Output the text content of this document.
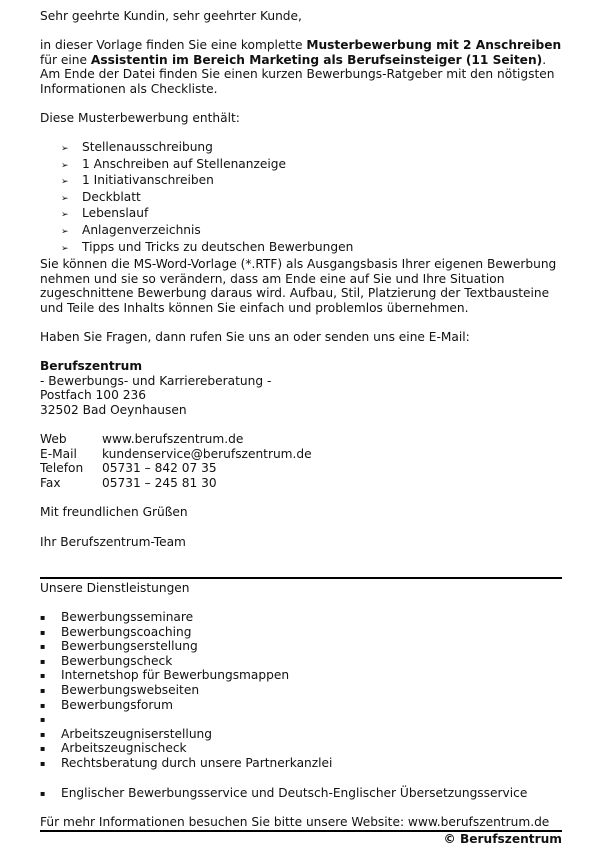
Sehr geehrte Kundin, sehr geehrter Kunde,

in dieser Vorlage finden Sie eine komplette Musterbewerbung mit 2 Anschreiben für eine Assistentin im Bereich Marketing als Berufseinsteiger (11 Seiten). Am Ende der Datei finden Sie einen kurzen Bewerbungs-Ratgeber mit den nötigsten Informationen als Checkliste.

Diese Musterbewerbung enthält:

➢ Stellenausschreibung
➢ 1 Anschreiben auf Stellenanzeige
➢ 1 Initiativanschreiben
➢ Deckblatt
➢ Lebenslauf
➢ Anlagenverzeichnis
➢ Tipps und Tricks zu deutschen Bewerbungen

Sie können die MS-Word-Vorlage (*.RTF) als Ausgangsbasis Ihrer eigenen Bewerbung nehmen und sie so verändern, dass am Ende eine auf Sie und Ihre Situation zugeschnittene Bewerbung daraus wird. Aufbau, Stil, Platzierung der Textbausteine und Teile des Inhalts können Sie einfach und problemlos übernehmen.

Haben Sie Fragen, dann rufen Sie uns an oder senden uns eine E-Mail:

Berufszentrum

- Bewerbungs- und Karriereberatung -

Postfach 100 236

32502 Bad Oeynhausen

Web	www.berufszentrum.de
E-Mail kundenservice@berufszentrum.de
Telefon 05731 – 842 07 35
Fax	05731 – 245 81 30

Mit freundlichen Grüßen

Ihr Berufszentrum-Team

Unsere Dienstleistungen

▪ Bewerbungsseminare
▪ Bewerbungscoaching
▪ Bewerbungserstellung
▪ Bewerbungscheck
▪ Internetshop für Bewerbungsmappen
▪ Bewerbungswebseiten
▪ Bewerbungsforum
▪
▪ Arbeitszeugniserstellung
▪ Arbeitszeugnischeck
▪ Rechtsberatung durch unsere Partnerkanzlei
▪ Englischer Bewerbungsservice und Deutsch-Englischer Übersetzungsservice

Für mehr Informationen besuchen Sie bitte unsere Website: www.berufszentrum.de

© Berufszentrum
